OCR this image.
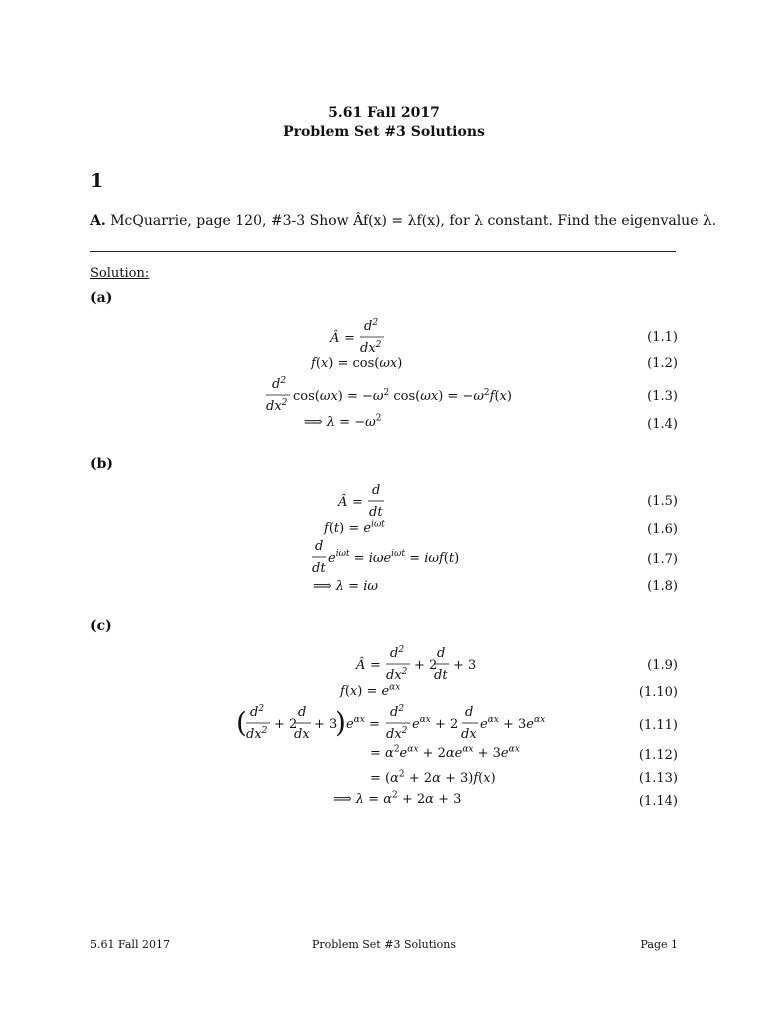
5.61 Fall 2017
Problem Set #3 Solutions
1
A. McQuarrie, page 120, #3-3 Show Âf(x) = λf(x), for λ constant. Find the eigenvalue λ.
Solution:
(a)
Â =
$d^2$
$dx^2$	(1.1)
f(x) = cos(ωx)	(1.2)
$d^2$
$dx^2$ $\cos(\omega x) = -\omega^2$ $\cos(\omega x) = -\omega^2f(x)$	(1.3)
⟹ $\lambda = -\omega^2$	(1.4)
(b)
Â =
d
dt
(1.5)
$f(t) = e^{i\omega t}$	(1.6)
d
dt
$e^{i\omega t} = i\omega e^{i\omega t} = i\omega f(t)$	(1.7)
⟹ λ = iω	(1.8)
(c)
Â =
$d^2$
$dx^2 + 2$
d
dt
+ 3	(1.9)
$f(x) = e^{\alpha x}$	(1.10)
( $d^2$
$dx^2 + 2$
d
dx
+ 3
) $e^{\alpha x}$ =
$d^2$
$dx^2$ $e^{\alpha x} + 2$
d
dx
$e^{\alpha x} + 3e^{\alpha x}$	(1.11)
= $\alpha^2e^{\alpha x} + 2\alpha e^{\alpha x} + 3e^{\alpha x}$	(1.12)
= $(\alpha^2 + 2\alpha + 3)f(x)$	(1.13)
⟹ $\lambda = \alpha^2 + 2\alpha + 3$	(1.14)
5.61 Fall 2017	Problem Set #3 Solutions	Page 1
